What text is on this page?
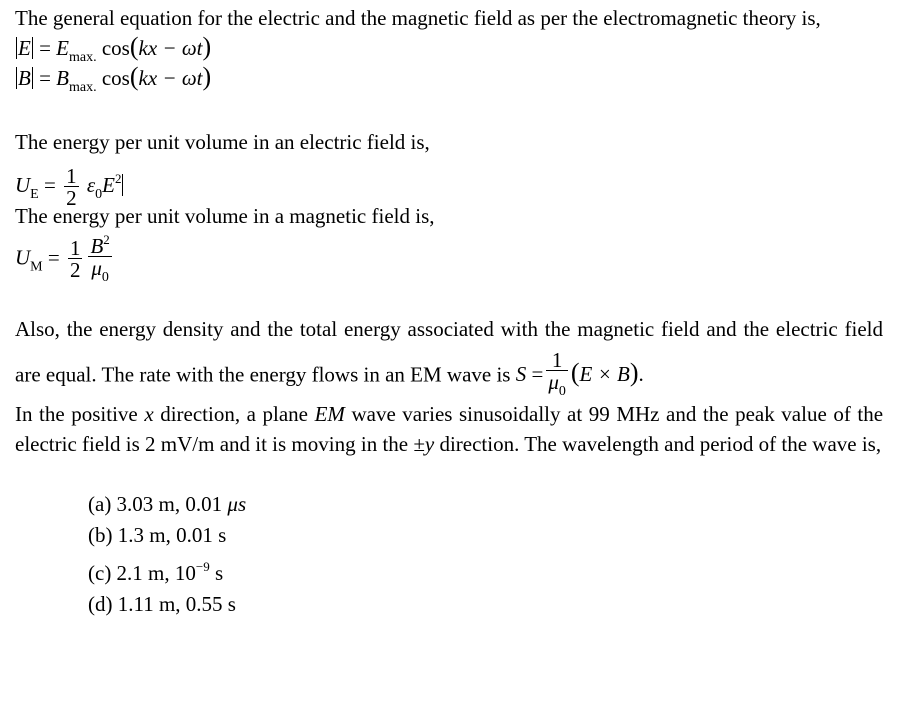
The general equation for the electric and the magnetic field as per the electromagnetic theory is,

$E = E_{max.}$ cos(kx − ωt)
$B = B_{max.}$ cos(kx − ωt)

The energy per unit volume in an electric field is,

$U_E = \frac{1}{2} \varepsilon_0E^2$

The energy per unit volume in a magnetic field is,

$U_M = \frac{1}{2} \frac{B^2}{\mu_0}$

Also, the energy density and the total energy associated with the magnetic field and the electric field are equal. The rate with the energy flows in an EM wave is $S = \frac{1}{\mu_0} (E \times B)$.

In the positive x direction, a plane EM wave varies sinusoidally at 99 MHz and the peak value of the electric field is 2 mV/m and it is moving in the ±y direction. The wavelength and period of the wave is,

(a) 3.03 m, 0.01 μs
(b) 1.3 m, 0.01 s
(c) 2.1 m, $10^{-9}$ s
(d) 1.11 m, 0.55 s
